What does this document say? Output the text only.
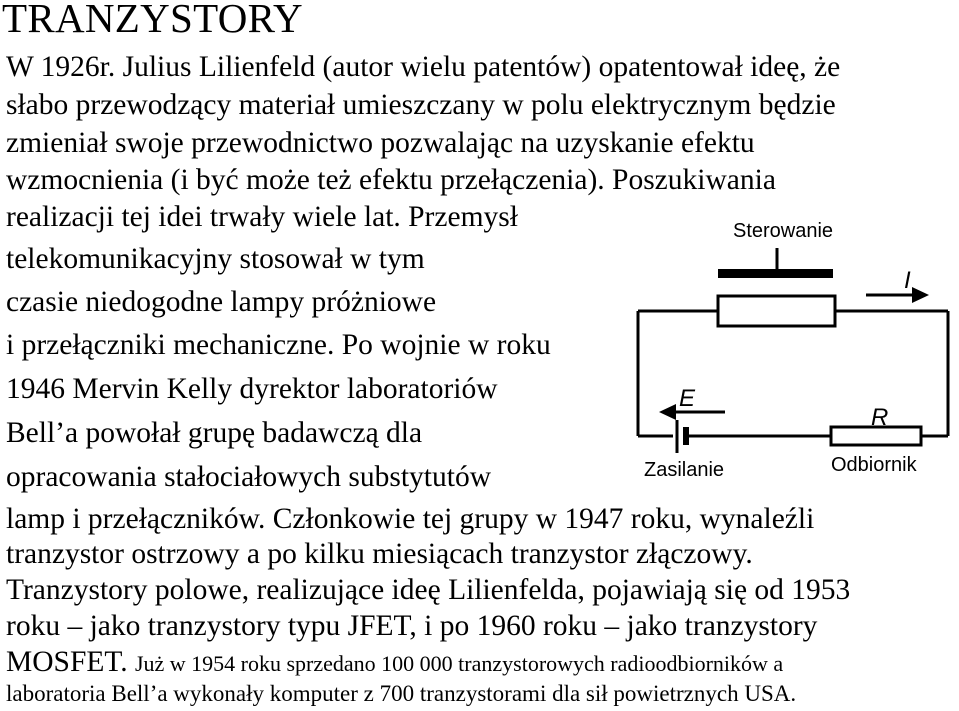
TRANZYSTORY
W 1926r. Julius Lilienfeld (autor wielu patentów) opatentował ideę, że
słabo przewodzący materiał umieszczany w polu elektrycznym będzie
zmieniał swoje przewodnictwo pozwalając na uzyskanie efektu
wzmocnienia (i być może też efektu przełączenia). Poszukiwania
realizacji tej idei trwały wiele lat. Przemysł
telekomunikacyjny stosował w tym
czasie niedogodne lampy próżniowe
i przełączniki mechaniczne. Po wojnie w roku
1946 Mervin Kelly dyrektor laboratoriów
Bell’a powołał grupę badawczą dla
opracowania stałociałowych substytutów
lamp i przełączników. Członkowie tej grupy w 1947 roku, wynaleźli
tranzystor ostrzowy a po kilku miesiącach tranzystor złączowy.
Tranzystory polowe, realizujące ideę Lilienfelda, pojawiają się od 1953
roku – jako tranzystory typu JFET, i po 1960 roku – jako tranzystory
MOSFET. Już w 1954 roku sprzedano 100 000 tranzystorowych radioodbiorników a
laboratoria Bell’a wykonały komputer z 700 tranzystorami dla sił powietrznych USA.
Sterowanie
I
E
R
Zasilanie	Odbiornik
